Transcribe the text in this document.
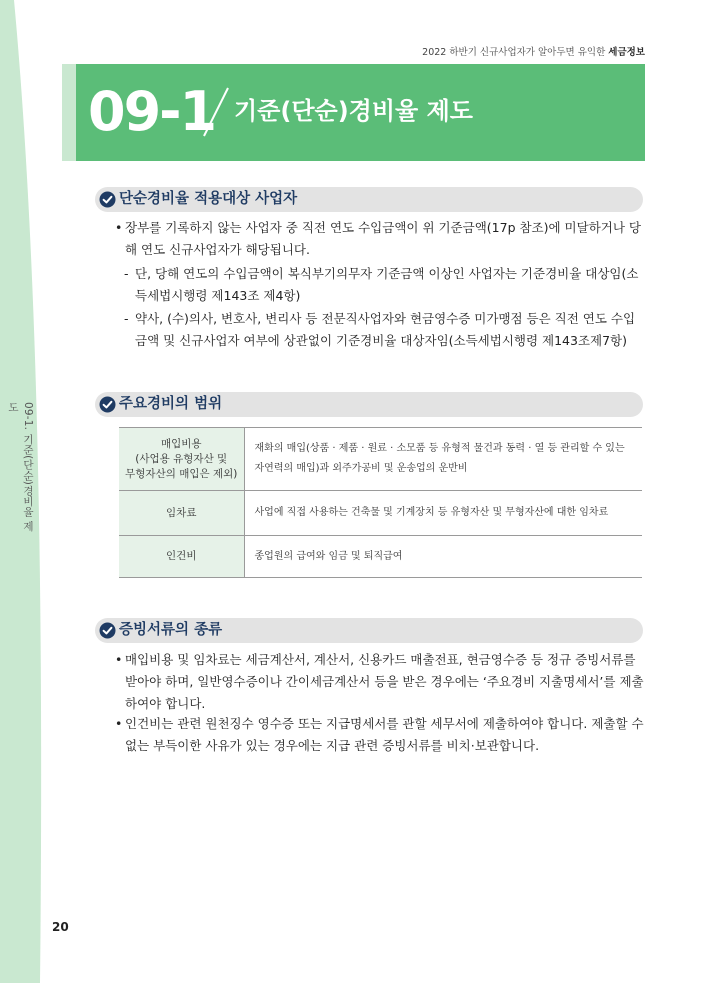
09-1. 기준(단순)경비율 제도
2022 하반기 신규사업자가 알아두면 유익한 세금정보
09-1 기준(단순)경비율 제도
단순경비율 적용대상 사업자
• 장부를 기록하지 않는 사업자 중 직전 연도 수입금액이 위 기준금액(17p 참조)에 미달하거나 당해 연도 신규사업자가 해당됩니다.
- 단, 당해 연도의 수입금액이 복식부기의무자 기준금액 이상인 사업자는 기준경비율 대상임(소득세법시행령 제143조 제4항)
- 약사, (수)의사, 변호사, 변리사 등 전문직사업자와 현금영수증 미가맹점 등은 직전 연도 수입금액 및 신규사업자 여부에 상관없이 기준경비율 대상자임(소득세법시행령 제143조제7항)
주요경비의 범위
매입비용
(사업용 유형자산 및
무형자산의 매입은 제외)	재화의 매입(상품 · 제품 · 원료 · 소모품 등 유형적 물건과 동력 · 열 등 관리할 수 있는 자연력의 매입)과 외주가공비 및 운송업의 운반비
임차료	사업에 직접 사용하는 건축물 및 기계장치 등 유형자산 및 무형자산에 대한 임차료
인건비	종업원의 급여와 임금 및 퇴직급여
증빙서류의 종류
• 매입비용 및 임차료는 세금계산서, 계산서, 신용카드 매출전표, 현금영수증 등 정규 증빙서류를 받아야 하며, 일반영수증이나 간이세금계산서 등을 받은 경우에는 ‘주요경비 지출명세서’를 제출하여야 합니다.
• 인건비는 관련 원천징수 영수증 또는 지급명세서를 관할 세무서에 제출하여야 합니다. 제출할 수 없는 부득이한 사유가 있는 경우에는 지급 관련 증빙서류를 비치·보관합니다.
20
